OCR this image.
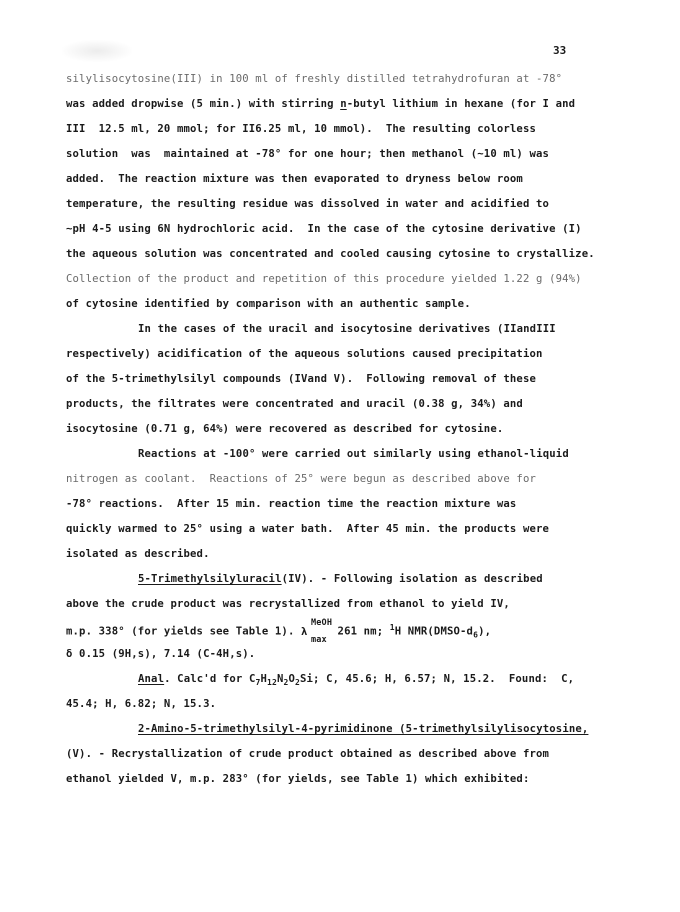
33
silylisocytosine(III) in 100 ml of freshly distilled tetrahydrofuran at -78°
was added dropwise (5 min.) with stirring n-butyl lithium in hexane (for I and
III  12.5 ml, 20 mmol; for II6.25 ml, 10 mmol).  The resulting colorless
solution  was  maintained at -78° for one hour; then methanol (~10 ml) was
added.  The reaction mixture was then evaporated to dryness below room
temperature, the resulting residue was dissolved in water and acidified to
~pH 4-5 using 6N hydrochloric acid.  In the case of the cytosine derivative (I)
the aqueous solution was concentrated and cooled causing cytosine to crystallize.
Collection of the product and repetition of this procedure yielded 1.22 g (94%)
of cytosine identified by comparison with an authentic sample.
In the cases of the uracil and isocytosine derivatives (IIandIII
respectively) acidification of the aqueous solutions caused precipitation
of the 5-trimethylsilyl compounds (IVand V).  Following removal of these
products, the filtrates were concentrated and uracil (0.38 g, 34%) and
isocytosine (0.71 g, 64%) were recovered as described for cytosine.
Reactions at -100° were carried out similarly using ethanol-liquid
nitrogen as coolant.  Reactions of 25° were begun as described above for
-78° reactions.  After 15 min. reaction time the reaction mixture was
quickly warmed to 25° using a water bath.  After 45 min. the products were
isolated as described.
5-Trimethylsilyluracil(IV). - Following isolation as described
above the crude product was recrystallized from ethanol to yield IV,
m.p. 338° (for yields see Table 1). λ
MeOH
max
261 nm; $^1$H $NMR(DMSO-d_6)$,
δ 0.15 (9H,s), 7.14 (C-4H,s).
Anal. Calc'd for $C_7H_{12}N_2O_2Si$; C, 45.6; H, 6.57; N, 15.2.  Found:  C,
45.4; H, 6.82; N, 15.3.
2-Amino-5-trimethylsilyl-4-pyrimidinone (5-trimethylsilylisocytosine,
(V). - Recrystallization of crude product obtained as described above from
ethanol yielded V, m.p. 283° (for yields, see Table 1) which exhibited:
